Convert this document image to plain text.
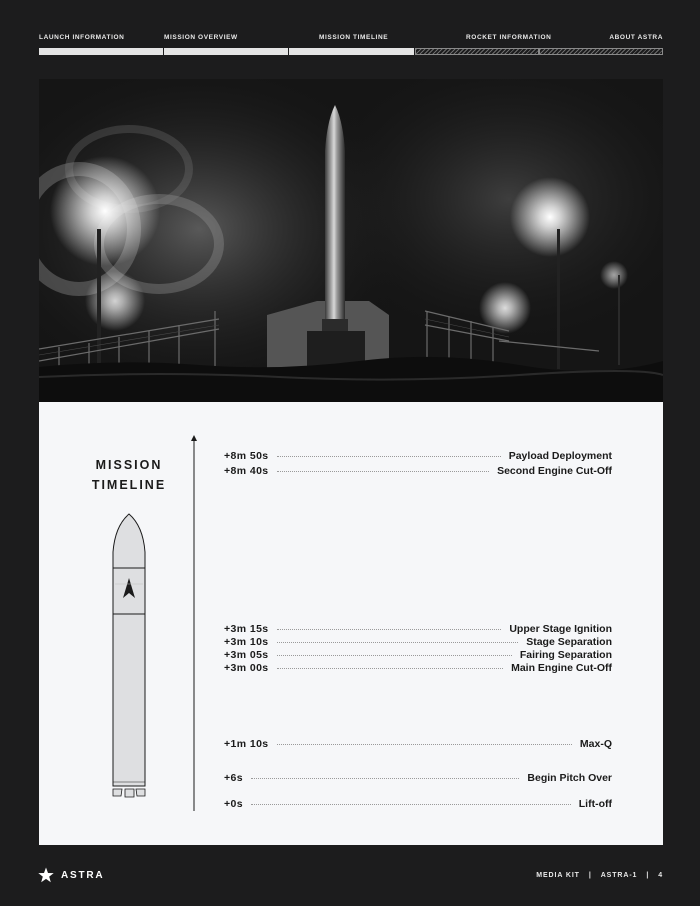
LAUNCH INFORMATION	MISSION OVERVIEW	MISSION TIMELINE	ROCKET INFORMATION	ABOUT ASTRA
MISSION
TIMELINE
+8m 50s	Payload Deployment
+8m 40s	Second Engine Cut-Off
+3m 15s	Upper Stage Ignition
+3m 10s	Stage Separation
+3m 05s	Fairing Separation
+3m 00s	Main Engine Cut-Off
+1m 10s	Max-Q
+6s	Begin Pitch Over
+0s	Lift-off
ASTRA	MEDIA KIT | ASTRA-1 | 4
